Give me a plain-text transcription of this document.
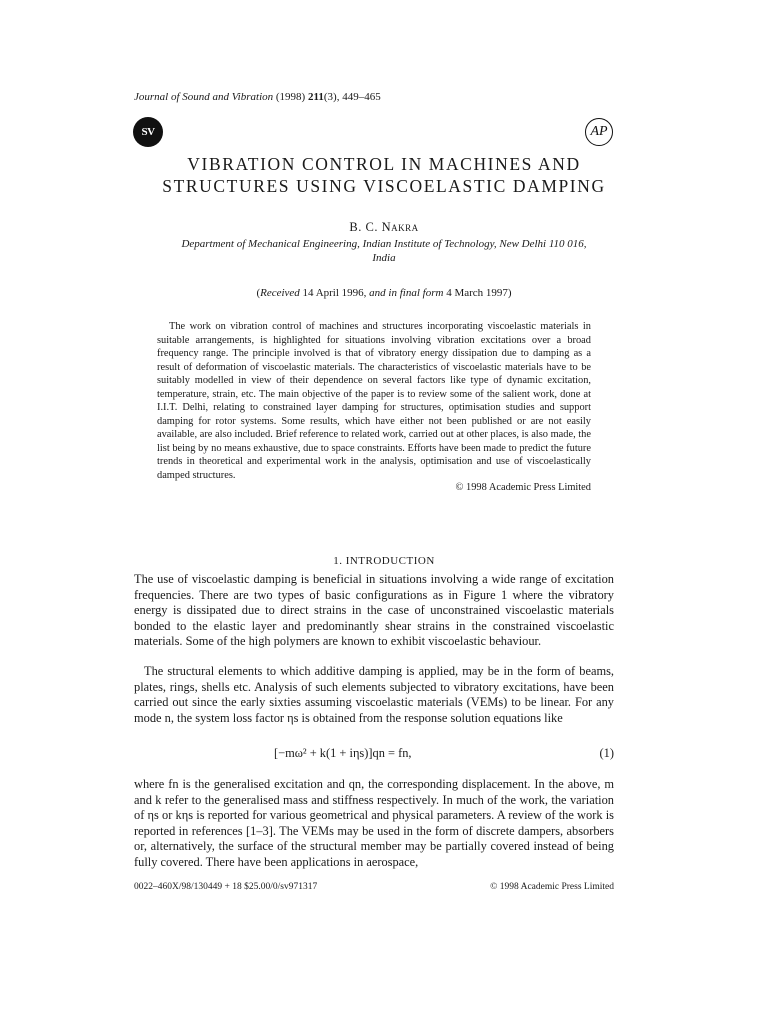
Journal of Sound and Vibration (1998) 211(3), 449–465
SV	AP
VIBRATION CONTROL IN MACHINES AND
STRUCTURES USING VISCOELASTIC DAMPING
B. C. Nakra
Department of Mechanical Engineering, Indian Institute of Technology, New Delhi 110 016,
India
(Received 14 April 1996, and in final form 4 March 1997)
The work on vibration control of machines and structures incorporating viscoelastic materials in suitable arrangements, is highlighted for situations involving vibration excitations over a broad frequency range. The principle involved is that of vibratory energy dissipation due to damping as a result of deformation of viscoelastic materials. The characteristics of viscoelastic materials have to be suitably modelled in view of their dependence on several factors like type of dynamic excitation, temperature, strain, etc. The main objective of the paper is to review some of the salient work, done at I.I.T. Delhi, relating to constrained layer damping for structures, optimisation studies and support damping for rotor systems. Some results, which have either not been published or are not easily available, are also included. Brief reference to related work, carried out at other places, is also made, the list being by no means exhaustive, due to space constraints. Efforts have been made to predict the future trends in theoretical and experimental work in the analysis, optimisation and use of viscoelastically damped structures.
© 1998 Academic Press Limited
1. INTRODUCTION
The use of viscoelastic damping is beneficial in situations involving a wide range of excitation frequencies. There are two types of basic configurations as in Figure 1 where the vibratory energy is dissipated due to direct strains in the case of unconstrained viscoelastic materials bonded to the elastic layer and predominantly shear strains in the constrained viscoelastic materials. Some of the high polymers are known to exhibit viscoelastic behaviour.
The structural elements to which additive damping is applied, may be in the form of beams, plates, rings, shells etc. Analysis of such elements subjected to vibratory excitations, have been carried out since the early sixties assuming viscoelastic materials (VEMs) to be linear. For any mode n, the system loss factor ηs is obtained from the response solution equations like
[−mω² + k(1 + iηs)]qn = fn,	(1)
where fn is the generalised excitation and qn, the corresponding displacement. In the above, m and k refer to the generalised mass and stiffness respectively. In much of the work, the variation of ηs or kηs is reported for various geometrical and physical parameters. A review of the work is reported in references [1–3]. The VEMs may be used in the form of discrete dampers, absorbers or, alternatively, the surface of the structural member may be partially covered instead of being fully covered. There have been applications in aerospace,
0022–460X/98/130449 + 18 $25.00/0/sv971317	© 1998 Academic Press Limited
